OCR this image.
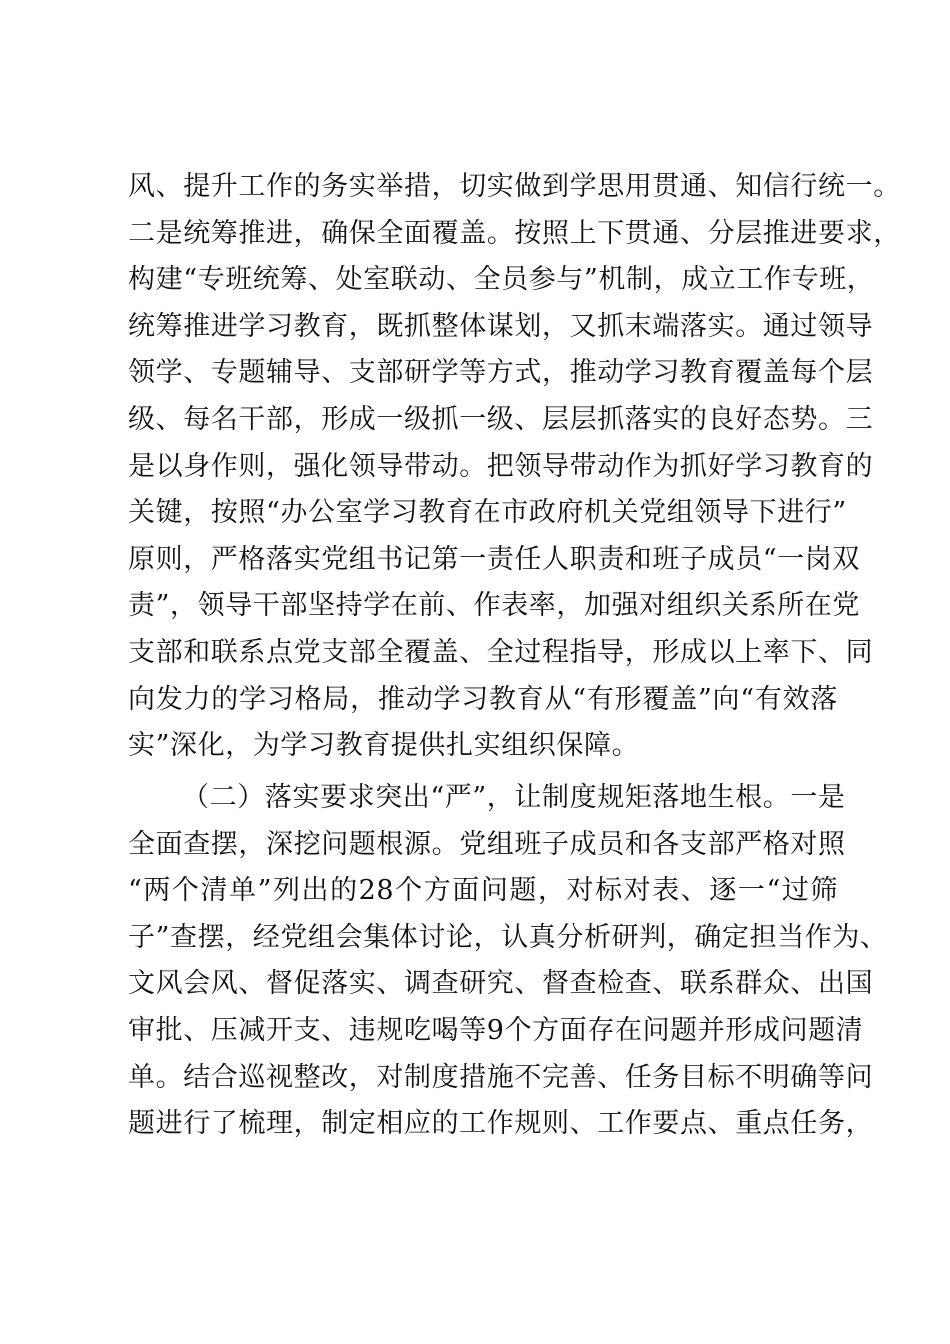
风、提升工作的务实举措，切实做到学思用贯通、知信行统一。
二是统筹推进，确保全面覆盖。按照上下贯通、分层推进要求，
构建“专班统筹、处室联动、全员参与”机制，成立工作专班，
统筹推进学习教育，既抓整体谋划，又抓末端落实。通过领导
领学、专题辅导、支部研学等方式，推动学习教育覆盖每个层
级、每名干部，形成一级抓一级、层层抓落实的良好态势。三
是以身作则，强化领导带动。把领导带动作为抓好学习教育的
关键，按照“办公室学习教育在市政府机关党组领导下进行”
原则，严格落实党组书记第一责任人职责和班子成员“一岗双
责”，领导干部坚持学在前、作表率，加强对组织关系所在党
支部和联系点党支部全覆盖、全过程指导，形成以上率下、同
向发力的学习格局，推动学习教育从“有形覆盖”向“有效落
实”深化，为学习教育提供扎实组织保障。
（二）落实要求突出“严”，让制度规矩落地生根。一是
全面查摆，深挖问题根源。党组班子成员和各支部严格对照
“两个清单”列出的28个方面问题，对标对表、逐一“过筛
子”查摆，经党组会集体讨论，认真分析研判，确定担当作为、
文风会风、督促落实、调查研究、督查检查、联系群众、出国
审批、压减开支、违规吃喝等9个方面存在问题并形成问题清
单。结合巡视整改，对制度措施不完善、任务目标不明确等问
题进行了梳理，制定相应的工作规则、工作要点、重点任务，
